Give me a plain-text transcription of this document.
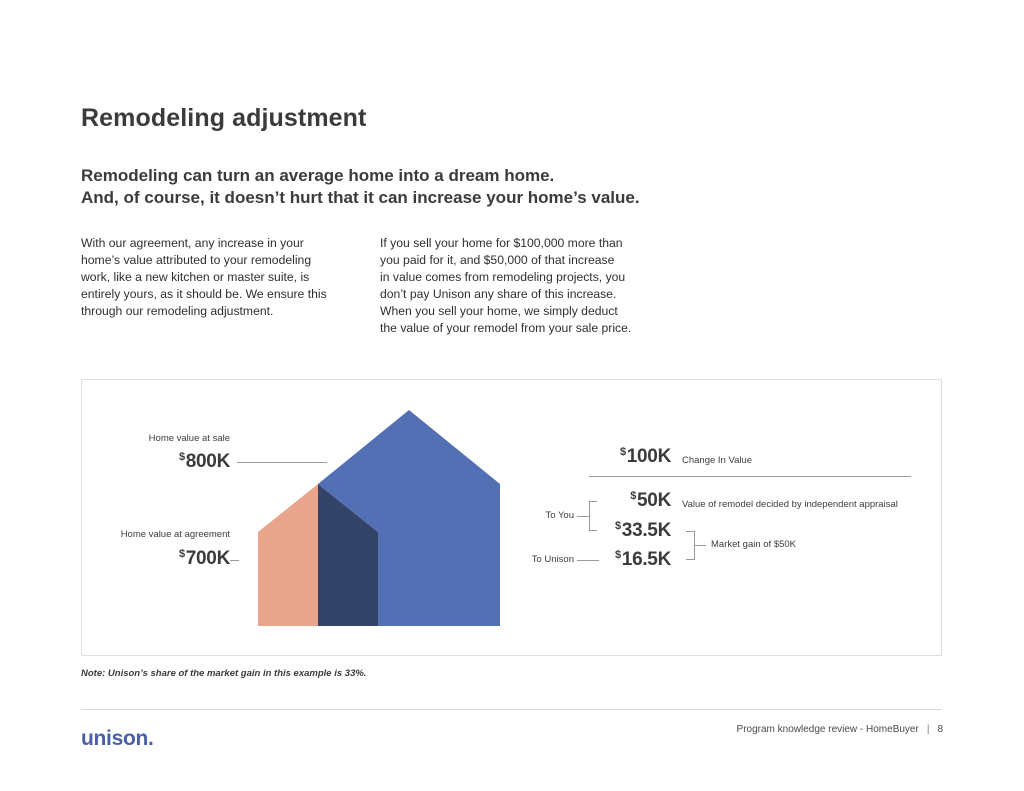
Remodeling adjustment
Remodeling can turn an average home into a dream home.
And, of course, it doesn’t hurt that it can increase your home’s value.
With our agreement, any increase in your
home’s value attributed to your remodeling
work, like a new kitchen or master suite, is
entirely yours, as it should be. We ensure this
through our remodeling adjustment.
If you sell your home for $100,000 more than
you paid for it, and $50,000 of that increase
in value comes from remodeling projects, you
don’t pay Unison any share of this increase.
When you sell your home, we simply deduct
the value of your remodel from your sale price.
Home value at sale
$800K
Home value at agreement
$700K
$100K Change In Value
$50K Value of remodel decided by independent appraisal
$33.5K
$16.5K
To You
To Unison
Market gain of $50K
Note: Unison’s share of the market gain in this example is 33%.
unison.	Program knowledge review - HomeBuyer | 8
